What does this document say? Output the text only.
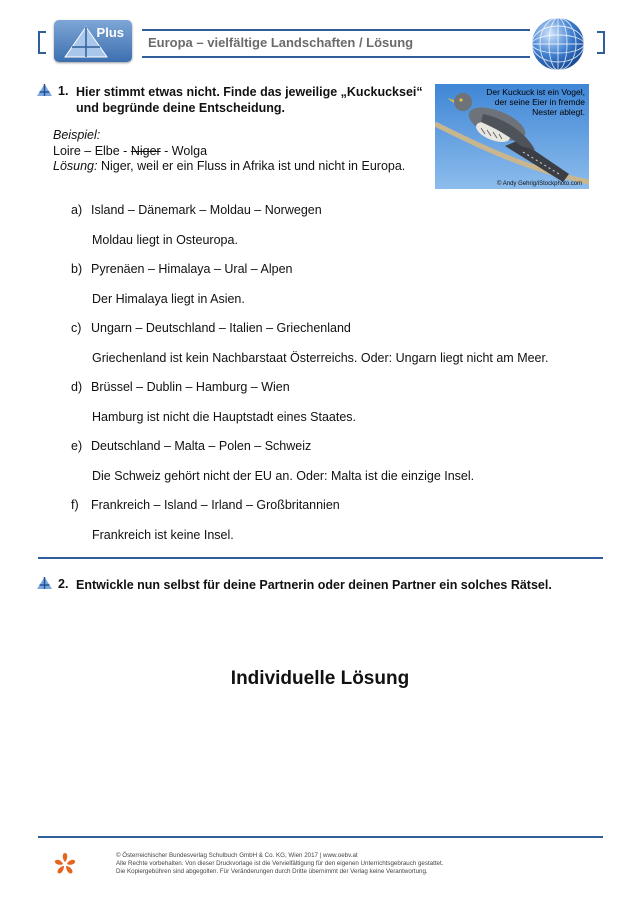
Plus
Europa – vielfältige Landschaften / Lösung
1. Hier stimmt etwas nicht. Finde das jeweilige „Kuckucksei“
und begründe deine Entscheidung.
Beispiel:
Loire – Elbe - Niger - Wolga
Lösung: Niger, weil er ein Fluss in Afrika ist und nicht in Europa.
Der Kuckuck ist ein Vogel, der seine Eier in fremde Nester ablegt.
© Andy Gehrig/iStockphoto.com
a) Island – Dänemark – Moldau – Norwegen
Moldau liegt in Osteuropa.
b) Pyrenäen – Himalaya – Ural – Alpen
Der Himalaya liegt in Asien.
c) Ungarn – Deutschland – Italien – Griechenland
Griechenland ist kein Nachbarstaat Österreichs. Oder: Ungarn liegt nicht am Meer.
d) Brüssel – Dublin – Hamburg – Wien
Hamburg ist nicht die Hauptstadt eines Staates.
e) Deutschland – Malta – Polen – Schweiz
Die Schweiz gehört nicht der EU an. Oder: Malta ist die einzige Insel.
f) Frankreich – Island – Irland – Großbritannien
Frankreich ist keine Insel.
2. Entwickle nun selbst für deine Partnerin oder deinen Partner ein solches Rätsel.
Individuelle Lösung
© Österreichischer Bundesverlag Schulbuch GmbH & Co. KG, Wien 2017 | www.oebv.at
Alle Rechte vorbehalten. Von dieser Druckvorlage ist die Vervielfältigung für den eigenen Unterrichtsgebrauch gestattet.
Die Kopiergebühren sind abgegolten. Für Veränderungen durch Dritte übernimmt der Verlag keine Verantwortung.
